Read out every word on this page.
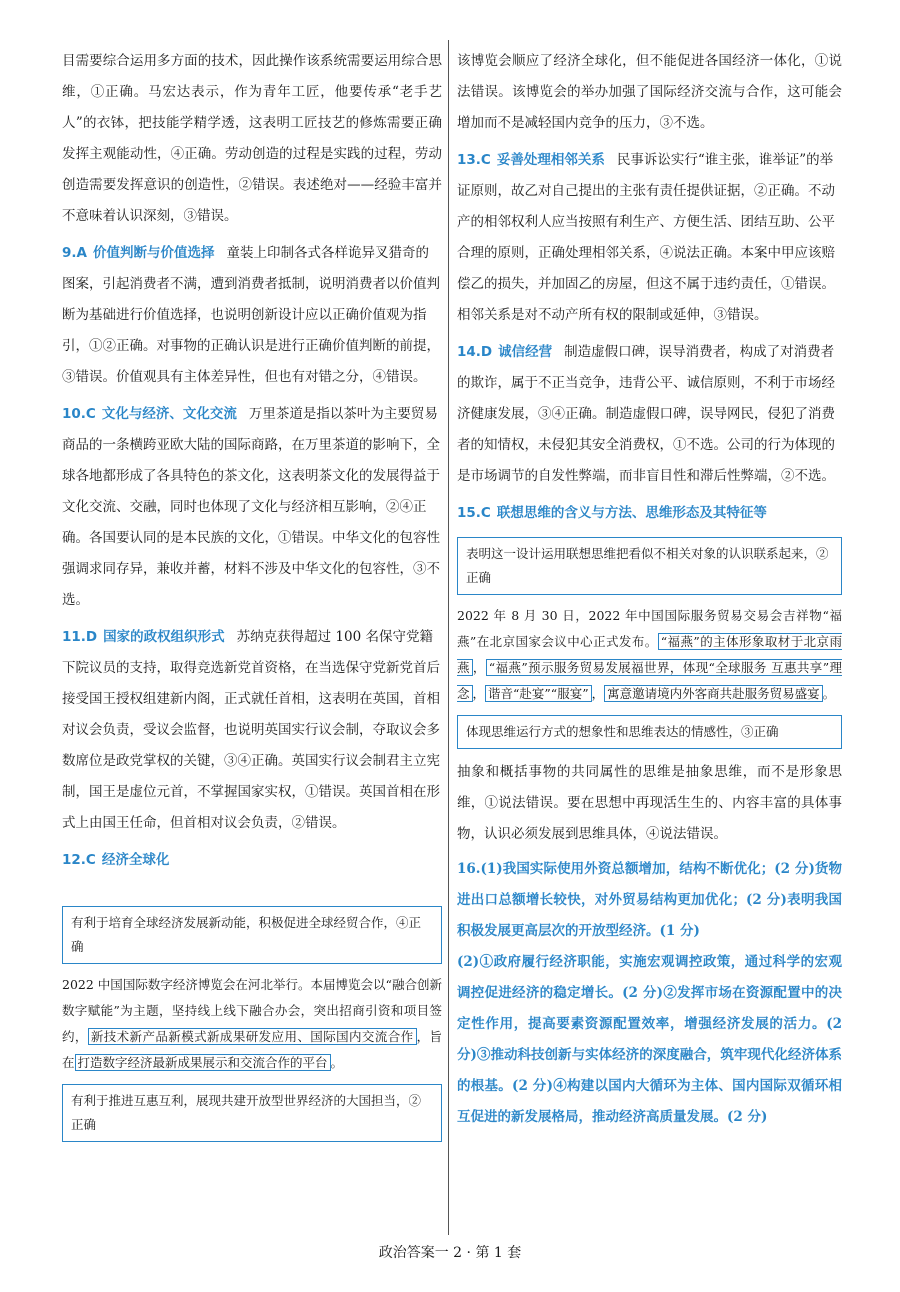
目需要综合运用多方面的技术，因此操作该系统需要运用综合思维，①正确。马宏达表示，作为青年工匠，他要传承“老手艺人”的衣钵，把技能学精学透，这表明工匠技艺的修炼需要正确发挥主观能动性，④正确。劳动创造的过程是实践的过程，劳动创造需要发挥意识的创造性，②错误。表述绝对——经验丰富并不意味着认识深刻，③错误。

9.A 价值判断与价值选择 童装上印制各式各样诡异叉猎奇的图案，引起消费者不满，遭到消费者抵制，说明消费者以价值判断为基础进行价值选择，也说明创新设计应以正确价值观为指引，①②正确。对事物的正确认识是进行正确价值判断的前提，③错误。价值观具有主体差异性，但也有对错之分，④错误。

10.C 文化与经济、文化交流 万里茶道是指以茶叶为主要贸易商品的一条横跨亚欧大陆的国际商路，在万里茶道的影响下，全球各地都形成了各具特色的茶文化，这表明茶文化的发展得益于文化交流、交融，同时也体现了文化与经济相互影响，②④正确。各国要认同的是本民族的文化，①错误。中华文化的包容性强调求同存异，兼收并蓄，材料不涉及中华文化的包容性，③不选。

11.D 国家的政权组织形式 苏纳克获得超过 100 名保守党籍下院议员的支持，取得竞选新党首资格，在当选保守党新党首后接受国王授权组建新内阁，正式就任首相，这表明在英国，首相对议会负责，受议会监督，也说明英国实行议会制，夺取议会多数席位是政党掌权的关键，③④正确。英国实行议会制君主立宪制，国王是虚位元首，不掌握国家实权，①错误。英国首相在形式上由国王任命，但首相对议会负责，②错误。

12.C 经济全球化

有利于培育全球经济发展新动能，积极促进全球经贸合作，④正确

2022 中国国际数字经济博览会在河北举行。本届博览会以“融合创新 数字赋能”为主题，坚持线上线下融合办会，突出招商引资和项目签约， 新技术新产品新模式新成果研发应用、国际国内交流合作 ，旨在 打造数字经济最新成果展示和交流合作的平台 。

有利于推进互惠互利，展现共建开放型世界经济的大国担当，②正确

该博览会顺应了经济全球化，但不能促进各国经济一体化，①说法错误。该博览会的举办加强了国际经济交流与合作，这可能会增加而不是减轻国内竞争的压力，③不选。

13.C 妥善处理相邻关系 民事诉讼实行“谁主张，谁举证”的举证原则，故乙对自己提出的主张有责任提供证据，②正确。不动产的相邻权利人应当按照有利生产、方便生活、团结互助、公平合理的原则，正确处理相邻关系，④说法正确。本案中甲应该赔偿乙的损失，并加固乙的房屋，但这不属于违约责任，①错误。相邻关系是对不动产所有权的限制或延伸，③错误。

14.D 诚信经营 制造虚假口碑，误导消费者，构成了对消费者的欺诈，属于不正当竞争，违背公平、诚信原则，不利于市场经济健康发展，③④正确。制造虚假口碑，误导网民，侵犯了消费者的知情权，未侵犯其安全消费权，①不选。公司的行为体现的是市场调节的自发性弊端，而非盲目性和滞后性弊端，②不选。

15.C 联想思维的含义与方法、思维形态及其特征等

表明这一设计运用联想思维把看似不相关对象的认识联系起来，②正确

2022 年 8 月 30 日，2022 年中国国际服务贸易交易会吉祥物“福燕”在北京国家会议中心正式发布。 “福燕”的主体形象取材于北京雨燕 ， “福燕”预示服务贸易发展福世界，体现“全球服务 互惠共享”理念 ， 谐音“赴宴”“服宴” ， 寓意邀请境内外客商共赴服务贸易盛宴 。

体现思维运行方式的想象性和思维表达的情感性，③正确

抽象和概括事物的共同属性的思维是抽象思维，而不是形象思维，①说法错误。要在思想中再现活生生的、内容丰富的具体事物，认识必须发展到思维具体，④说法错误。

16.(1)我国实际使用外资总额增加，结构不断优化；(2 分)货物进出口总额增长较快，对外贸易结构更加优化；(2 分)表明我国积极发展更高层次的开放型经济。(1 分)

(2)①政府履行经济职能，实施宏观调控政策，通过科学的宏观调控促进经济的稳定增长。(2 分)②发挥市场在资源配置中的决定性作用，提高要素资源配置效率，增强经济发展的活力。(2 分)③推动科技创新与实体经济的深度融合，筑牢现代化经济体系的根基。(2 分)④构建以国内大循环为主体、国内国际双循环相互促进的新发展格局，推动经济高质量发展。(2 分)

政治答案一 2 · 第 1 套
